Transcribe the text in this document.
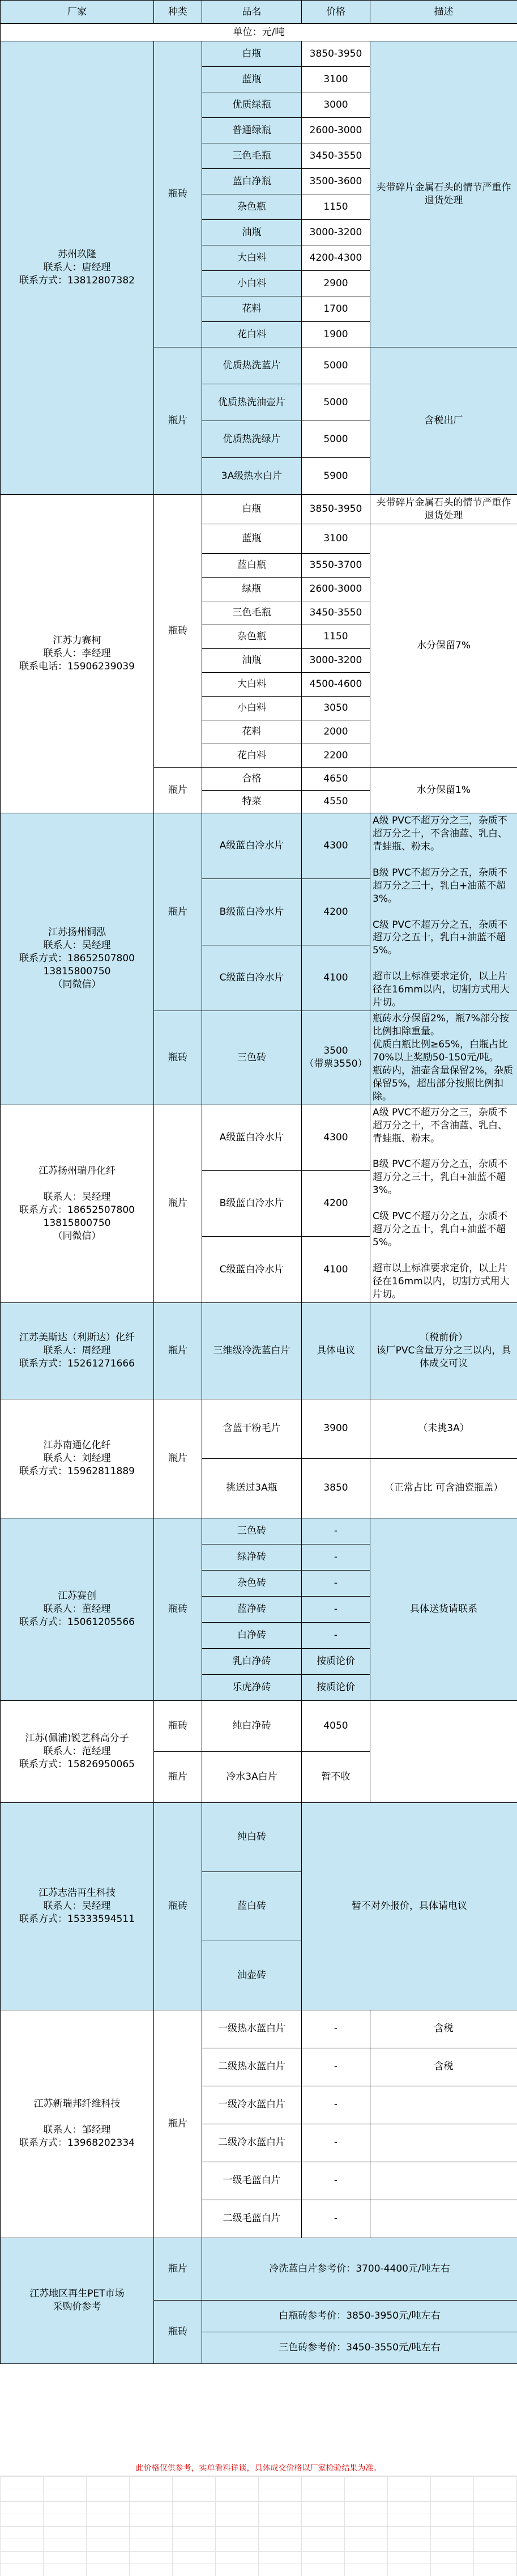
厂家	种类	品名	价格	描述
单位：元/吨				
苏州玖隆
联系人：唐经理
联系方式：13812807382	瓶砖	白瓶	3850-3950	夹带碎片金属石头的情节严重作退货处理
		蓝瓶	3100	
		优质绿瓶	3000	
		普通绿瓶	2600-3000	
		三色毛瓶	3450-3550	
		蓝白净瓶	3500-3600	
		杂色瓶	1150	
		油瓶	3000-3200	
		大白料	4200-4300	
		小白料	2900	
		花料	1700	
		花白料	1900	
	瓶片	优质热洗蓝片	5000	含税出厂
		优质热洗油壶片	5000	
		优质热洗绿片	5000	
		3A级热水白片	5900	
江苏力赛柯
联系人：李经理
联系电话：15906239039	瓶砖	白瓶	3850-3950	夹带碎片金属石头的情节严重作退货处理
		蓝瓶	3100	水分保留7%
		蓝白瓶	3550-3700	
		绿瓶	2600-3000	
		三色毛瓶	3450-3550	
		杂色瓶	1150	
		油瓶	3000-3200	
		大白料	4500-4600	
		小白料	3050	
		花料	2000	
		花白料	2200	
	瓶片	合格	4650	水分保留1%
		特菜	4550	
江苏扬州铜泓
联系人：吴经理
联系方式：18652507800
13815800750
（同微信）	瓶片	A级蓝白冷水片	4300	A级 PVC不超万分之三，杂质不超万分之十，不含油蓝、乳白、青蛙瓶、粉末。

B级 PVC不超万分之五，杂质不超万分之三十，乳白+油蓝不超3%。

C级 PVC不超万分之五，杂质不超万分之五十，乳白+油蓝不超5%。

超市以上标准要求定价，以上片径在16mm以内，切割方式用大片切。
		B级蓝白冷水片	4200	
		C级蓝白冷水片	4100	
	瓶砖	三色砖	3500
（带票3550）	瓶砖水分保留2%，瓶7%部分按比例扣除重量。
优质白瓶比例≥65%，白瓶占比70%以上奖励50-150元/吨。
瓶砖内，油壶含量保留2%，杂质保留5%，超出部分按照比例扣除。
江苏扬州瑞丹化纤

联系人：吴经理
联系方式：18652507800
13815800750
（同微信）	瓶片	A级蓝白冷水片	4300	A级 PVC不超万分之三，杂质不超万分之十，不含油蓝、乳白、青蛙瓶、粉末。

B级 PVC不超万分之五，杂质不超万分之三十，乳白+油蓝不超3%。

C级 PVC不超万分之五，杂质不超万分之五十，乳白+油蓝不超5%。

超市以上标准要求定价，以上片径在16mm以内，切割方式用大片切。
		B级蓝白冷水片	4200	
		C级蓝白冷水片	4100	
江苏美斯达（利斯达）化纤
联系人：周经理
联系方式：15261271666	瓶片	三维级冷洗蓝白片	具体电议	（税前价）
该厂PVC含量万分之三以内，具体成交可议
江苏南通亿化纤
联系人：刘经理
联系方式：15962811889	瓶片	含蓝干粉毛片	3900	（未挑3A）
		挑送过3A瓶	3850	（正常占比 可含油瓷瓶盖）
江苏赛创
联系人：董经理
联系方式：15061205566	瓶砖	三色砖	-	具体送货请联系
		绿净砖	-	
		杂色砖	-	
		蓝净砖	-	
		白净砖	-	
		乳白净砖	按质论价	
		乐虎净砖	按质论价	
江苏(佩浦)锐艺科高分子
联系人：范经理
联系方式：15826950065	瓶砖	纯白净砖	4050	
	瓶片	冷水3A白片	暂不收	
江苏志浩再生科技
联系人：吴经理
联系方式：15333594511	瓶砖	纯白砖	暂不对外报价，具体请电议	
		蓝白砖		
		油壶砖		
江苏新瑞邦纤维科技

联系人：邹经理
联系方式：13968202334	瓶片	一级热水蓝白片	-	含税
		二级热水蓝白片	-	含税
		一级冷水蓝白片	-	
		二级冷水蓝白片	-	
		一级毛蓝白片	-	
		二级毛蓝白片	-	
江苏地区再生PET市场
采购价参考	瓶片	冷洗蓝白片参考价：3700-4400元/吨左右		
	瓶砖	白瓶砖参考价：3850-3950元/吨左右		
		三色砖参考价：3450-3550元/吨左右		
此价格仅供参考，实单看料详谈，具体成交价格以厂家检验结果为准。
